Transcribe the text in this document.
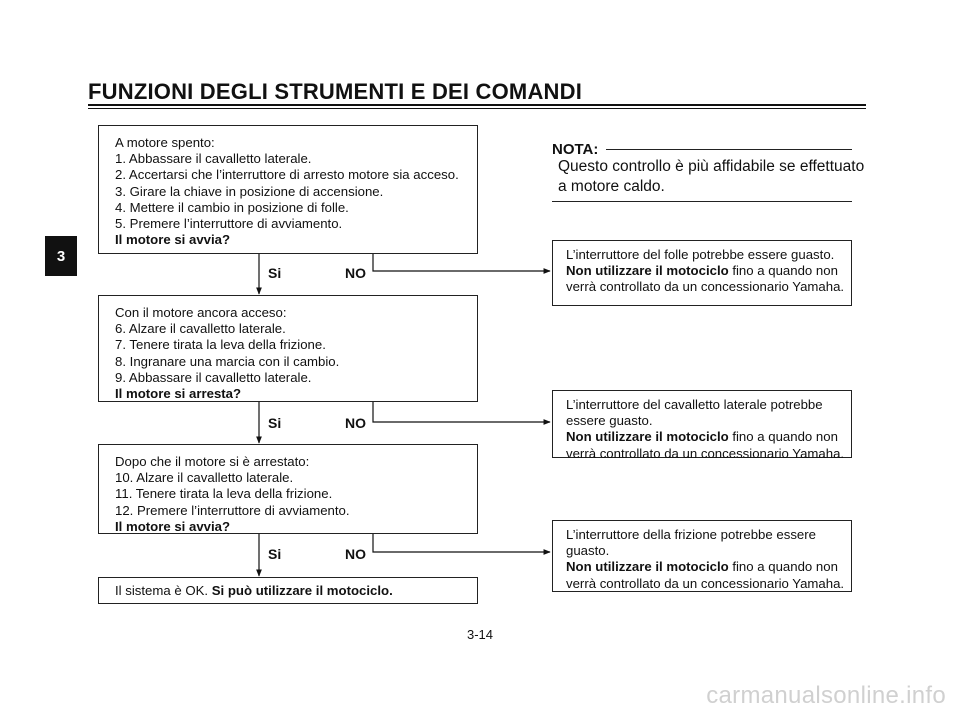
FUNZIONI DEGLI STRUMENTI E DEI COMANDI
3
A motore spento:
1. Abbassare il cavalletto laterale.
2. Accertarsi che l’interruttore di arresto motore sia acceso.
3. Girare la chiave in posizione di accensione.
4. Mettere il cambio in posizione di folle.
5. Premere l’interruttore di avviamento.
Il motore si avvia?
Si	NO
Con il motore ancora acceso:
6. Alzare il cavalletto laterale.
7. Tenere tirata la leva della frizione.
8. Ingranare una marcia con il cambio.
9. Abbassare il cavalletto laterale.
Il motore si arresta?
Si	NO
Dopo che il motore si è arrestato:
10. Alzare il cavalletto laterale.
11. Tenere tirata la leva della frizione.
12. Premere l’interruttore di avviamento.
Il motore si avvia?
Si	NO
Il sistema è OK. Si può utilizzare il motociclo.
NOTA:
Questo controllo è più affidabile se effettuato
a motore caldo.
L’interruttore del folle potrebbe essere guasto.
Non utilizzare il motociclo fino a quando non
verrà controllato da un concessionario Yamaha.
L’interruttore del cavalletto laterale potrebbe
essere guasto.
Non utilizzare il motociclo fino a quando non
verrà controllato da un concessionario Yamaha.
L’interruttore della frizione potrebbe essere
guasto.
Non utilizzare il motociclo fino a quando non
verrà controllato da un concessionario Yamaha.
3-14
carmanualsonline.info
